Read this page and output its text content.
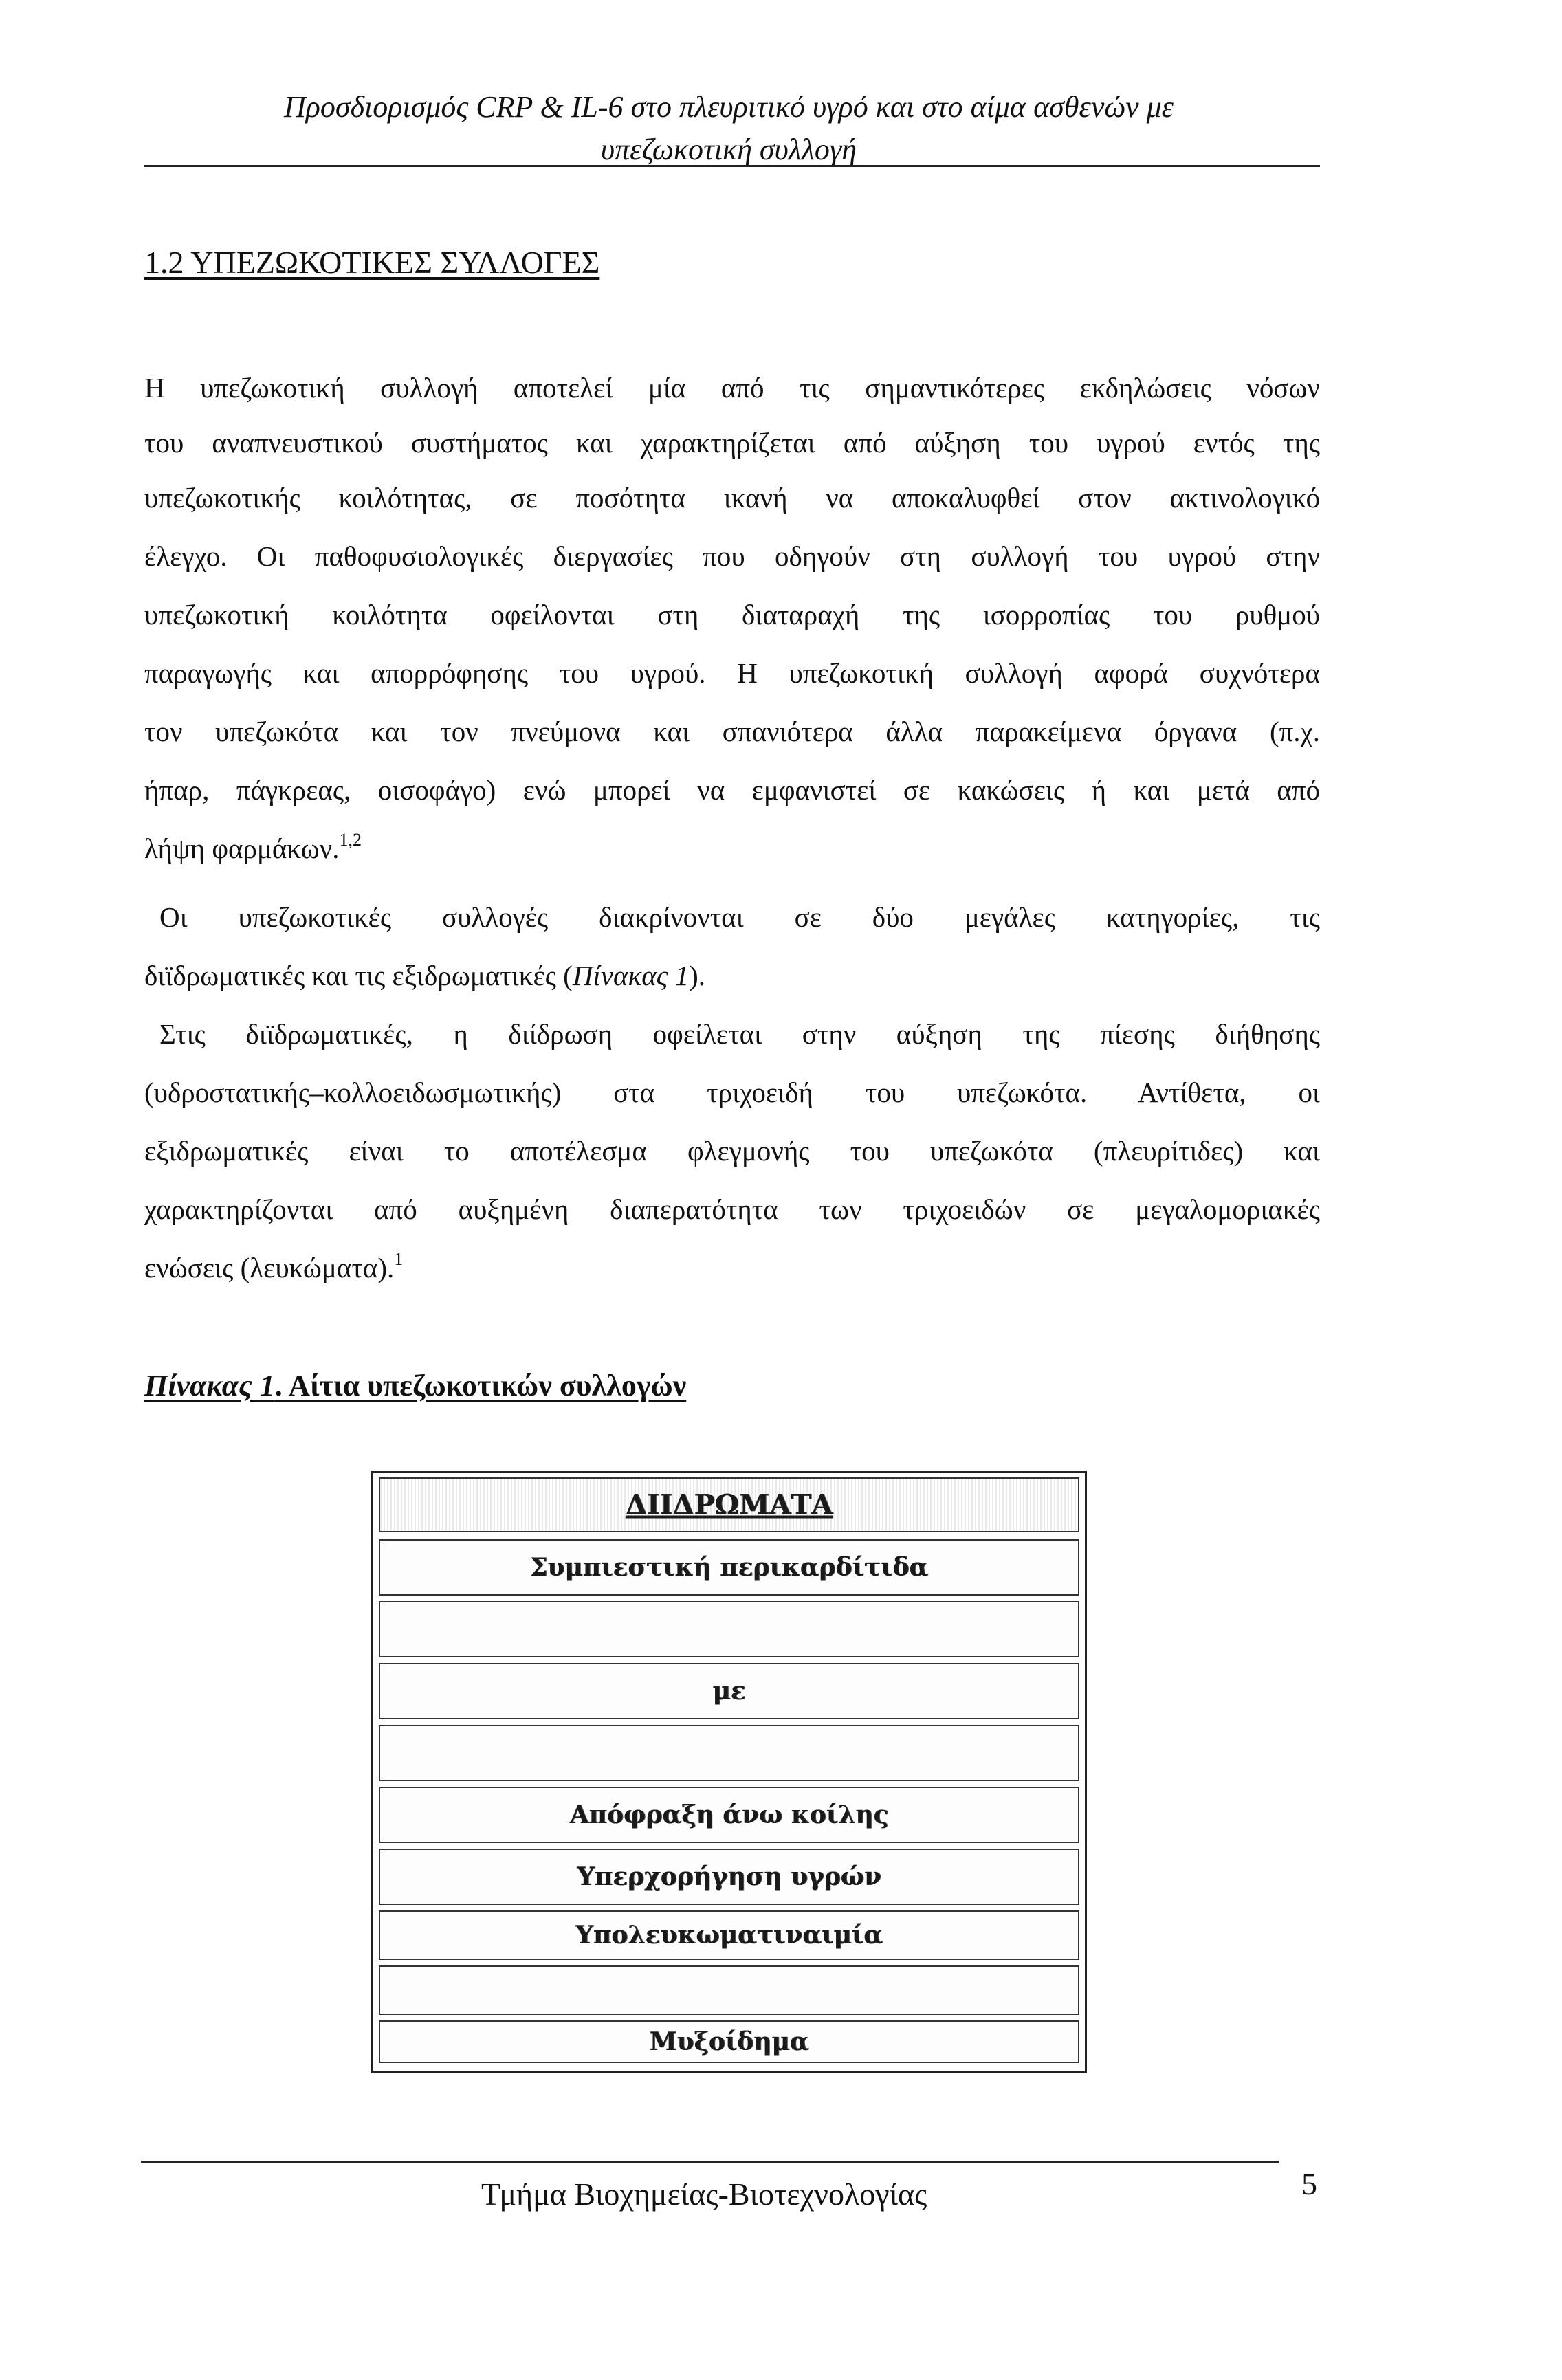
Προσδιορισμός CRP & IL-6 στο πλευριτικό υγρό και στο αίμα ασθενών με
υπεζωκοτική συλλογή
1.2 ΥΠΕΖΩΚΟΤΙΚΕΣ ΣΥΛΛΟΓΕΣ
Η υπεζωκοτική συλλογή αποτελεί μία από τις σημαντικότερες εκδηλώσεις νόσων
του αναπνευστικού συστήματος και χαρακτηρίζεται από αύξηση του υγρού εντός της
υπεζωκοτικής κοιλότητας, σε ποσότητα ικανή να αποκαλυφθεί στον ακτινολογικό
έλεγχο. Οι παθοφυσιολογικές διεργασίες που οδηγούν στη συλλογή του υγρού στην
υπεζωκοτική κοιλότητα οφείλονται στη διαταραχή της ισορροπίας του ρυθμού
παραγωγής και απορρόφησης του υγρού. Η υπεζωκοτική συλλογή αφορά συχνότερα
τον υπεζωκότα και τον πνεύμονα και σπανιότερα άλλα παρακείμενα όργανα (π.χ.
ήπαρ, πάγκρεας, οισοφάγο) ενώ μπορεί να εμφανιστεί σε κακώσεις ή και μετά από
λήψη φαρμάκων.$^{1,2}$
Οι υπεζωκοτικές συλλογές διακρίνονται σε δύο μεγάλες κατηγορίες, τις
διϊδρωματικές και τις εξιδρωματικές (Πίνακας 1).
Στις διϊδρωματικές, η διίδρωση οφείλεται στην αύξηση της πίεσης διήθησης
(υδροστατικής–κολλοειδωσμωτικής) στα τριχοειδή του υπεζωκότα. Αντίθετα, οι
εξιδρωματικές είναι το αποτέλεσμα φλεγμονής του υπεζωκότα (πλευρίτιδες) και
χαρακτηρίζονται από αυξημένη διαπερατότητα των τριχοειδών σε μεγαλομοριακές
ενώσεις (λευκώματα).$^1$
Πίνακας 1. Αίτια υπεζωκοτικών συλλογών
ΔΙΙΔΡΩΜΑΤΑ
Συμπιεστική περικαρδίτιδα
με
Απόφραξη άνω κοίλης
Υπερχορήγηση υγρών
Υπολευκωματιναιμία
Μυξοίδημα
Τμήμα Βιοχημείας-Βιοτεχνολογίας	5
